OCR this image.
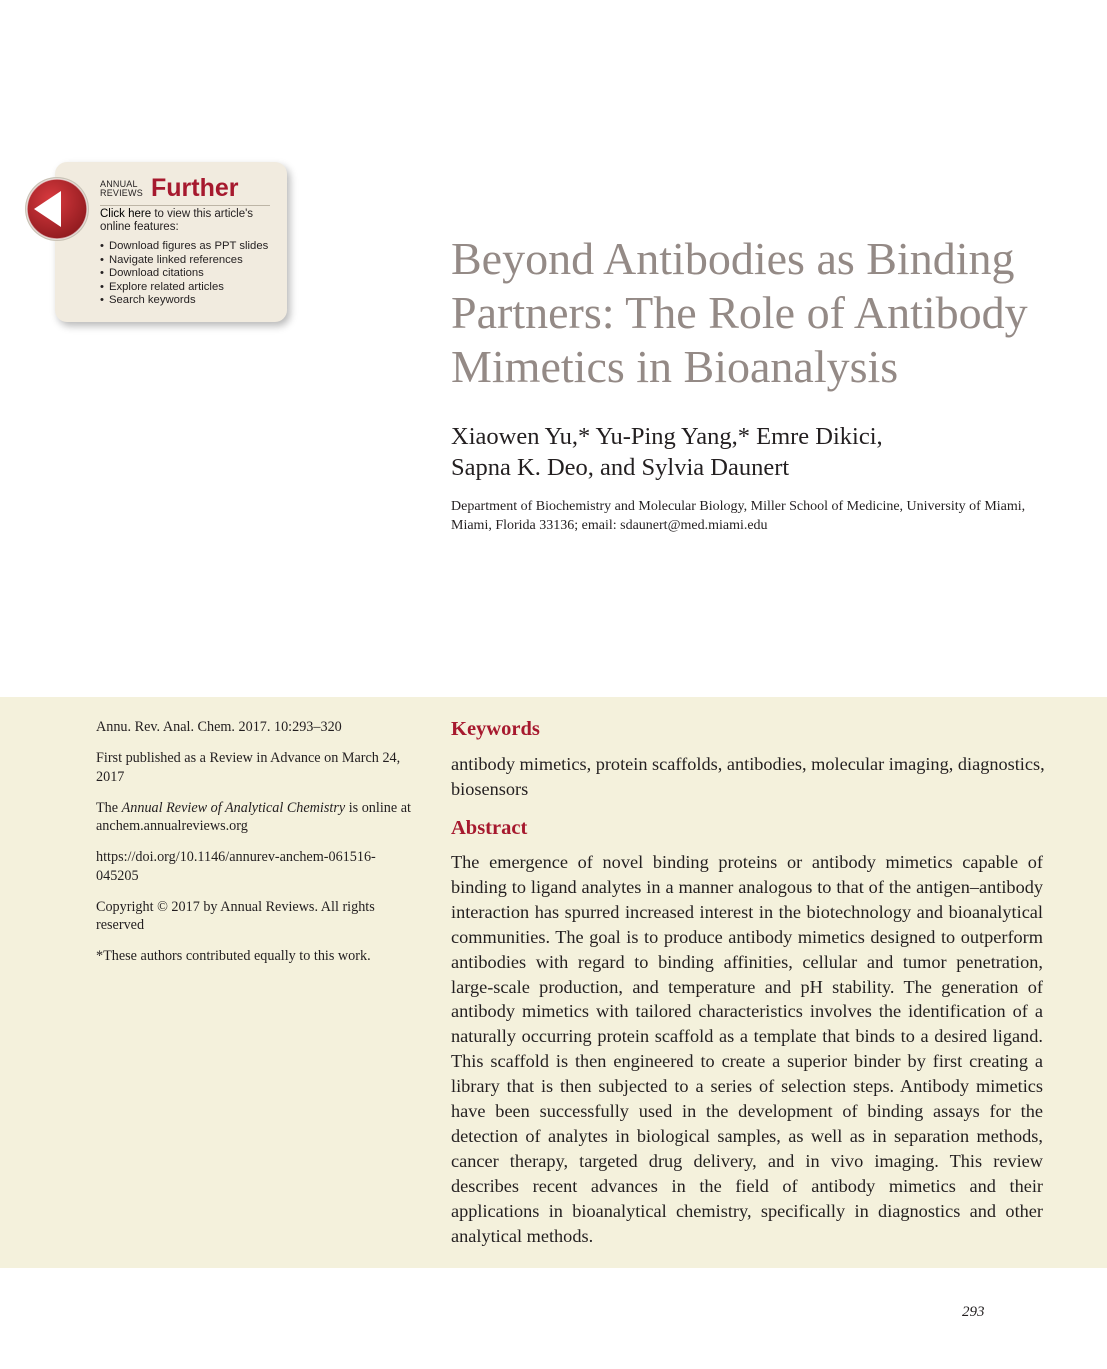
ANNUAL
REVIEWS Further
Click here to view this article's online features:
• Download figures as PPT slides
• Navigate linked references
• Download citations
• Explore related articles
• Search keywords
Beyond Antibodies as Binding Partners: The Role of Antibody Mimetics in Bioanalysis
Xiaowen Yu,* Yu-Ping Yang,* Emre Dikici,
Sapna K. Deo, and Sylvia Daunert
Department of Biochemistry and Molecular Biology, Miller School of Medicine, University of Miami, Miami, Florida 33136; email: sdaunert@med.miami.edu

Annu. Rev. Anal. Chem. 2017. 10:293–320

First published as a Review in Advance on March 24, 2017

The Annual Review of Analytical Chemistry is online at anchem.annualreviews.org

https://doi.org/10.1146/annurev-anchem-061516-045205

Copyright © 2017 by Annual Reviews. All rights reserved

*These authors contributed equally to this work.

Keywords
antibody mimetics, protein scaffolds, antibodies, molecular imaging, diagnostics, biosensors
Abstract
The emergence of novel binding proteins or antibody mimetics capable of binding to ligand analytes in a manner analogous to that of the antigen–antibody interaction has spurred increased interest in the biotechnology and bioanalytical communities. The goal is to produce antibody mimetics designed to outperform antibodies with regard to binding affinities, cellular and tumor penetration, large-scale production, and temperature and pH stability. The generation of antibody mimetics with tailored characteristics involves the identification of a naturally occurring protein scaffold as a template that binds to a desired ligand. This scaffold is then engineered to create a superior binder by first creating a library that is then subjected to a series of selection steps. Antibody mimetics have been successfully used in the development of binding assays for the detection of analytes in biological samples, as well as in separation methods, cancer therapy, targeted drug delivery, and in vivo imaging. This review describes recent advances in the field of antibody mimetics and their applications in bioanalytical chemistry, specifically in diagnostics and other analytical methods.
293
